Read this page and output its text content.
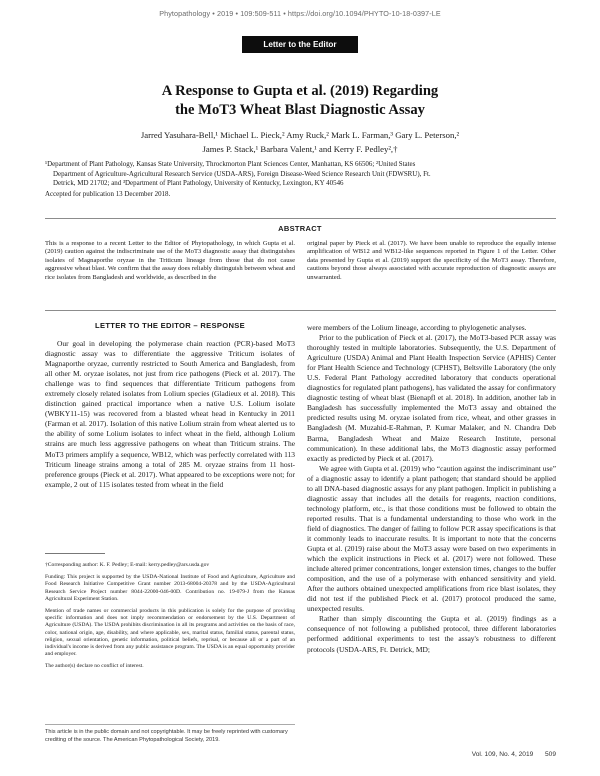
Phytopathology • 2019 • 109:509-511 • https://doi.org/10.1094/PHYTO-10-18-0397-LE
Letter to the Editor
A Response to Gupta et al. (2019) Regarding
the MoT3 Wheat Blast Diagnostic Assay
Jarred Yasuhara-Bell,¹ Michael L. Pieck,² Amy Ruck,² Mark L. Farman,³ Gary L. Peterson,²
James P. Stack,¹ Barbara Valent,¹ and Kerry F. Pedley²,†
¹Department of Plant Pathology, Kansas State University, Throckmorton Plant Sciences Center, Manhattan, KS 66506; ²United States
Department of Agriculture-Agricultural Research Service (USDA-ARS), Foreign Disease-Weed Science Research Unit (FDWSRU), Ft.
Detrick, MD 21702; and ³Department of Plant Pathology, University of Kentucky, Lexington, KY 40546
Accepted for publication 13 December 2018.
ABSTRACT
This is a response to a recent Letter to the Editor of Phytopathology, in which Gupta et al. (2019) caution against the indiscriminate use of the MoT3 diagnostic assay that distinguishes isolates of Magnaporthe oryzae in the Triticum lineage from those that do not cause aggressive wheat blast. We confirm that the assay does reliably distinguish between wheat and rice isolates from Bangladesh and worldwide, as described in the
original paper by Pieck et al. (2017). We have been unable to reproduce the equally intense amplification of WB12 and WB12-like sequences reported in Figure 1 of the Letter. Other data presented by Gupta et al. (2019) support the specificity of the MoT3 assay. Therefore, cautions beyond those always associated with accurate reproduction of diagnostic assays are unwarranted.
LETTER TO THE EDITOR – RESPONSE

Our goal in developing the polymerase chain reaction (PCR)-based MoT3 diagnostic assay was to differentiate the aggressive Triticum isolates of Magnaporthe oryzae, currently restricted to South America and Bangladesh, from all other M. oryzae isolates, not just from rice pathogens (Pieck et al. 2017). The challenge was to find sequences that differentiate Triticum pathogens from extremely closely related isolates from Lolium species (Gladieux et al. 2018). This distinction gained practical importance when a native U.S. Lolium isolate (WBKY11-15) was recovered from a blasted wheat head in Kentucky in 2011 (Farman et al. 2017). Isolation of this native Lolium strain from wheat alerted us to the ability of some Lolium isolates to infect wheat in the field, although Lolium strains are much less aggressive pathogens on wheat than Triticum strains. The MoT3 primers amplify a sequence, WB12, which was perfectly correlated with 113 Triticum lineage strains among a total of 285 M. oryzae strains from 11 host-preference groups (Pieck et al. 2017). What appeared to be exceptions were not; for example, 2 out of 115 isolates tested from wheat in the field

†Corresponding author: K. F. Pedley; E-mail: kerry.pedley@ars.usda.gov

Funding: This project is supported by the USDA-National Institute of Food and Agriculture, Agriculture and Food Research Initiative Competitive Grant number 2013-68004-20378 and by the USDA-Agricultural Research Service Project number 8044-22000-046-00D. Contribution no. 19-079-J from the Kansas Agricultural Experiment Station.

Mention of trade names or commercial products in this publication is solely for the purpose of providing specific information and does not imply recommendation or endorsement by the U.S. Department of Agriculture (USDA). The USDA prohibits discrimination in all its programs and activities on the basis of race, color, national origin, age, disability, and where applicable, sex, marital status, familial status, parental status, religion, sexual orientation, genetic information, political beliefs, reprisal, or because all or a part of an individual's income is derived from any public assistance program. The USDA is an equal opportunity provider and employer.

The author(s) declare no conflict of interest.

This article is in the public domain and not copyrightable. It may be freely reprinted with customary crediting of the source. The American Phytopathological Society, 2019.

were members of the Lolium lineage, according to phylogenetic analyses.

Prior to the publication of Pieck et al. (2017), the MoT3-based PCR assay was thoroughly tested in multiple laboratories. Subsequently, the U.S. Department of Agriculture (USDA) Animal and Plant Health Inspection Service (APHIS) Center for Plant Health Science and Technology (CPHST), Beltsville Laboratory (the only U.S. Federal Plant Pathology accredited laboratory that conducts operational diagnostics for regulated plant pathogens), has validated the assay for confirmatory diagnostic testing of wheat blast (Bienapfl et al. 2018). In addition, another lab in Bangladesh has successfully implemented the MoT3 assay and obtained the predicted results using M. oryzae isolated from rice, wheat, and other grasses in Bangladesh (M. Muzahid-E-Rahman, P. Kumar Malaker, and N. Chandra Deb Barma, Bangladesh Wheat and Maize Research Institute, personal communication). In these additional labs, the MoT3 diagnostic assay performed exactly as predicted by Pieck et al. (2017).

We agree with Gupta et al. (2019) who “caution against the indiscriminant use” of a diagnostic assay to identify a plant pathogen; that standard should be applied to all DNA-based diagnostic assays for any plant pathogen. Implicit in publishing a diagnostic assay that includes all the details for reagents, reaction conditions, technology platform, etc., is that those conditions must be followed to obtain the reported results. That is a fundamental understanding to those who work in the field of diagnostics. The danger of failing to follow PCR assay specifications is that it commonly leads to inaccurate results. It is important to note that the concerns Gupta et al. (2019) raise about the MoT3 assay were based on two experiments in which the explicit instructions in Pieck et al. (2017) were not followed. These include altered primer concentrations, longer extension times, changes to the buffer composition, and the use of a polymerase with enhanced sensitivity and yield. After the authors obtained unexpected amplifications from rice blast isolates, they did not test if the published Pieck et al. (2017) protocol produced the same, unexpected results.

Rather than simply discounting the Gupta et al. (2019) findings as a consequence of not following a published protocol, three different laboratories performed additional experiments to test the assay's robustness to different protocols (USDA-ARS, Ft. Detrick, MD;

Vol. 109, No. 4, 2019 509
